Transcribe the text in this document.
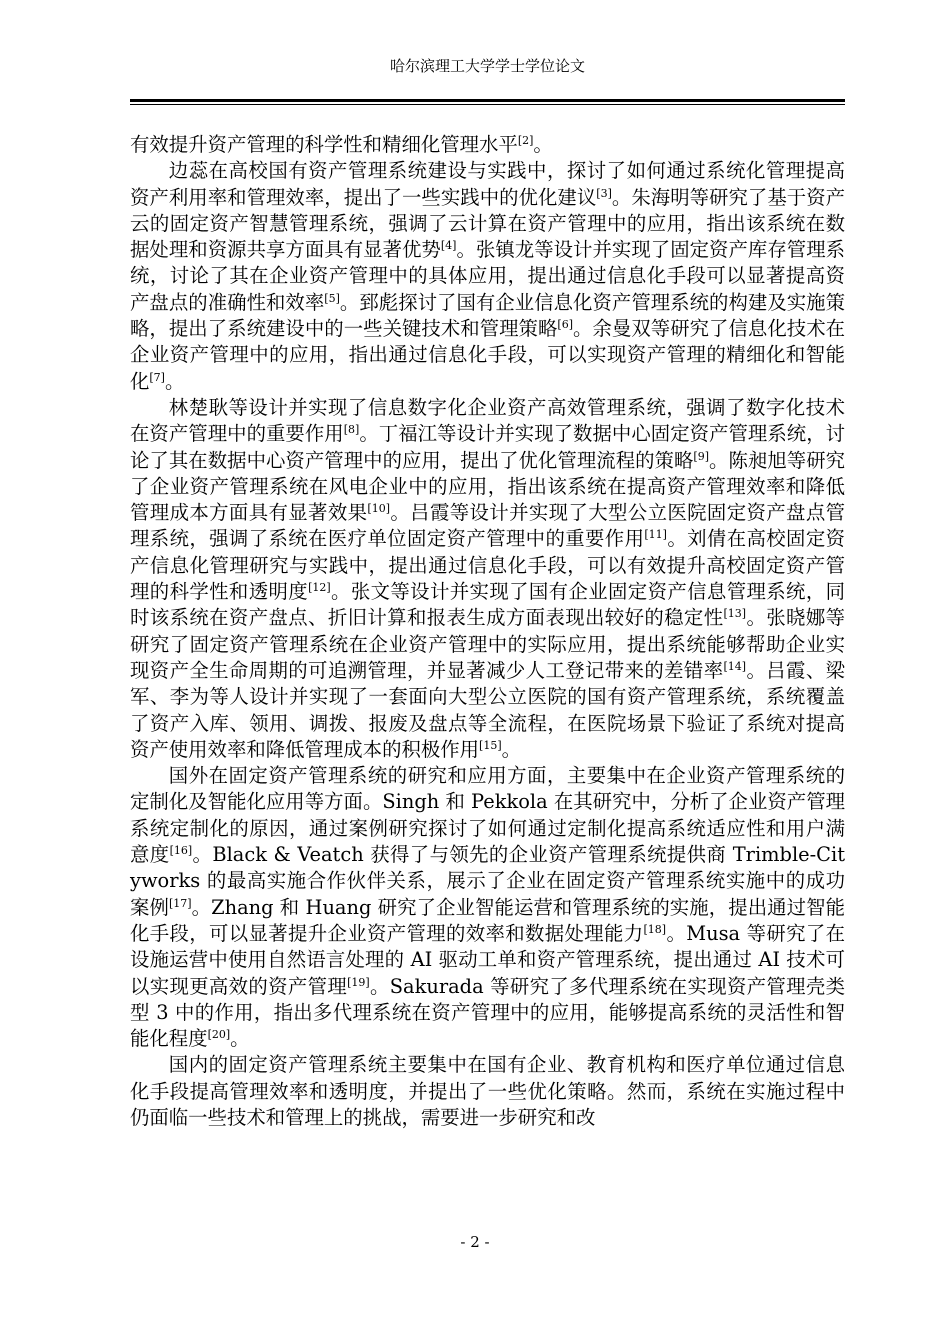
哈尔滨理工大学学士学位论文

有效提升资产管理的科学性和精细化管理水平[2]。

边蕊在高校国有资产管理系统建设与实践中，探讨了如何通过系统化管理提高资产利用率和管理效率，提出了一些实践中的优化建议[3]。朱海明等研究了基于资产云的固定资产智慧管理系统，强调了云计算在资产管理中的应用，指出该系统在数据处理和资源共享方面具有显著优势[4]。张镇龙等设计并实现了固定资产库存管理系统，讨论了其在企业资产管理中的具体应用，提出通过信息化手段可以显著提高资产盘点的准确性和效率[5]。郅彪探讨了国有企业信息化资产管理系统的构建及实施策略，提出了系统建设中的一些关键技术和管理策略[6]。余曼双等研究了信息化技术在企业资产管理中的应用，指出通过信息化手段，可以实现资产管理的精细化和智能化[7]。

林楚耿等设计并实现了信息数字化企业资产高效管理系统，强调了数字化技术在资产管理中的重要作用[8]。丁福江等设计并实现了数据中心固定资产管理系统，讨论了其在数据中心资产管理中的应用，提出了优化管理流程的策略[9]。陈昶旭等研究了企业资产管理系统在风电企业中的应用，指出该系统在提高资产管理效率和降低管理成本方面具有显著效果[10]。吕霞等设计并实现了大型公立医院固定资产盘点管理系统，强调了系统在医疗单位固定资产管理中的重要作用[11]。刘倩在高校固定资产信息化管理研究与实践中，提出通过信息化手段，可以有效提升高校固定资产管理的科学性和透明度[12]。张文等设计并实现了国有企业固定资产信息管理系统，同时该系统在资产盘点、折旧计算和报表生成方面表现出较好的稳定性[13]。张晓娜等研究了固定资产管理系统在企业资产管理中的实际应用，提出系统能够帮助企业实现资产全生命周期的可追溯管理，并显著减少人工登记带来的差错率[14]。吕霞、梁军、李为等人设计并实现了一套面向大型公立医院的国有资产管理系统，系统覆盖了资产入库、领用、调拨、报废及盘点等全流程，在医院场景下验证了系统对提高资产使用效率和降低管理成本的积极作用[15]。

国外在固定资产管理系统的研究和应用方面，主要集中在企业资产管理系统的定制化及智能化应用等方面。Singh 和 Pekkola 在其研究中，分析了企业资产管理系统定制化的原因，通过案例研究探讨了如何通过定制化提高系统适应性和用户满意度[16]。Black & Veatch 获得了与领先的企业资产管理系统提供商 Trimble-Cityworks 的最高实施合作伙伴关系，展示了企业在固定资产管理系统实施中的成功案例[17]。Zhang 和 Huang 研究了企业智能运营和管理系统的实施，提出通过智能化手段，可以显著提升企业资产管理的效率和数据处理能力[18]。Musa 等研究了在设施运营中使用自然语言处理的 AI 驱动工单和资产管理系统，提出通过 AI 技术可以实现更高效的资产管理[19]。Sakurada 等研究了多代理系统在实现资产管理壳类型 3 中的作用，指出多代理系统在资产管理中的应用，能够提高系统的灵活性和智能化程度[20]。

国内的固定资产管理系统主要集中在国有企业、教育机构和医疗单位通过信息化手段提高管理效率和透明度，并提出了一些优化策略。然而，系统在实施过程中仍面临一些技术和管理上的挑战，需要进一步研究和改

- 2 -
